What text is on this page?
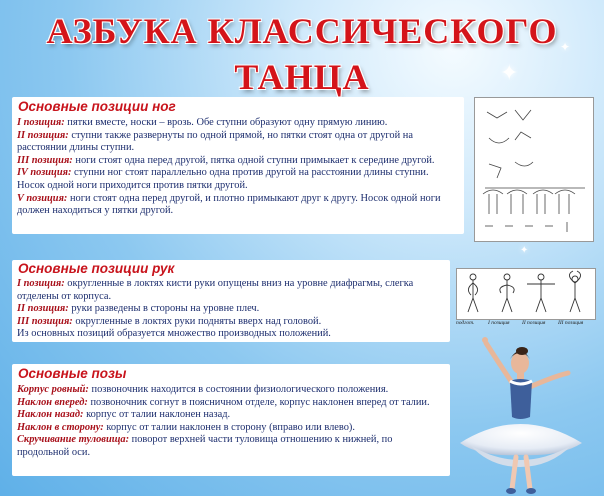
✦
✦
✦
АЗБУКА КЛАССИЧЕСКОГО
ТАНЦА
Основные позиции ног

I позиция: пятки вместе, носки – врозь. Обе ступни образуют одну прямую линию.

II позиция: ступни также развернуты по одной прямой, но пятки стоят одна от другой на расстоянии длины ступни.

III позиция: ноги стоят одна перед другой, пятка одной ступни примыкает к середине другой.

IV позиция: ступни ног стоят параллельно одна против другой на расстоянии длины ступни. Носок одной ноги приходится против пятки другой.

V позиция: ноги стоят одна перед другой, и плотно примыкают друг к другу. Носок одной ноги должен находиться у пятки другой.

Основные позиции рук

I позиция: округленные в локтях кисти руки опущены вниз на уровне диафрагмы, слегка отделены от корпуса.

II позиция: руки разведены в стороны на уровне плеч.

III позиция: округленные в локтях руки подняты вверх над головой.

Из основных позиций образуется множество производных положений.

подгот. I позиция II позиция III позиция
Основные позы

Корпус ровный: позвоночник находится в состоянии физиологического положения.

Наклон вперед: позвоночник согнут в поясничном отделе, корпус наклонен вперед от талии.

Наклон назад: корпус от талии наклонен назад.

Наклон в сторону: корпус от талии наклонен в сторону (вправо или влево).

Скручивание туловища: поворот верхней части туловища отношению к нижней, по продольной оси.
